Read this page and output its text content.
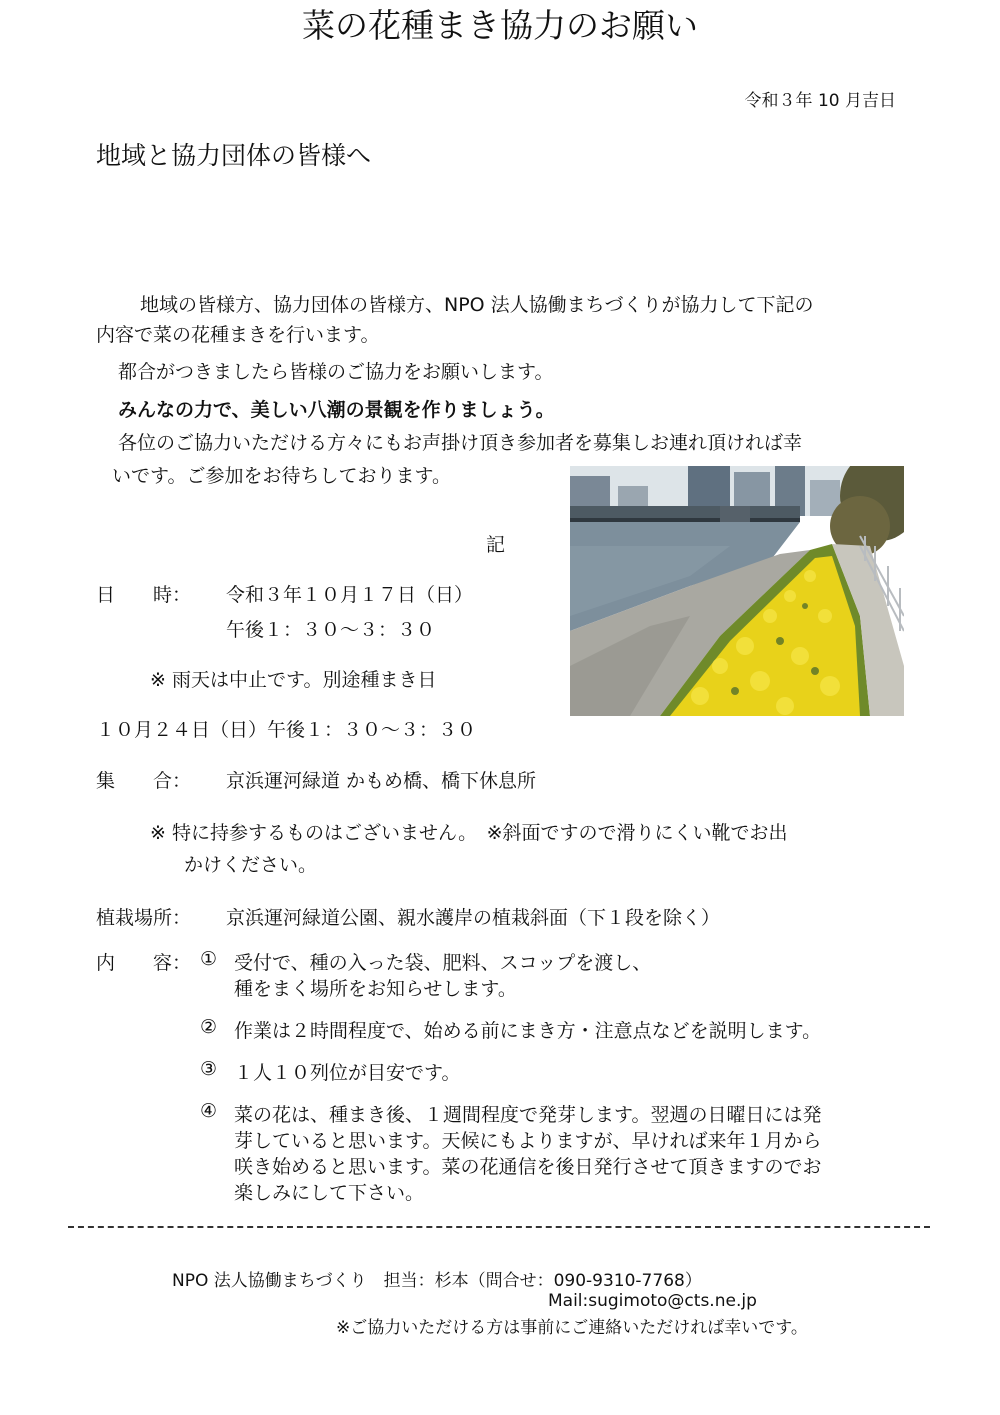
令和３年 10 月吉日
地域と協力団体の皆様へ
菜の花種まき協力のお願い
地域の皆様方、協力団体の皆様方、NPO 法人協働まちづくりが協力して下記の
内容で菜の花種まきを行います。
都合がつきましたら皆様のご協力をお願いします。
みんなの力で、美しい八潮の景観を作りましょう。
各位のご協力いただける方々にもお声掛け頂き参加者を募集しお連れ頂ければ幸
いです。ご参加をお待ちしております。
記
日　　時： 令和３年１０月１７日（日）
午後１：３０〜３：３０
※ 雨天は中止です。別途種まき日
１０月２４日（日）午後１：３０〜３：３０
集　　合： 京浜運河緑道 かもめ橋、橋下休息所
※ 特に持参するものはございません。　※斜面ですので滑りにくい靴でお出
かけください。
植栽場所： 京浜運河緑道公園、親水護岸の植栽斜面（下１段を除く）
内　　容： ① 受付で、種の入った袋、肥料、スコップを渡し、
種をまく場所をお知らせします。
② 作業は２時間程度で、始める前にまき方・注意点などを説明します。
③ １人１０列位が目安です。
④ 菜の花は、種まき後、１週間程度で発芽します。翌週の日曜日には発
芽していると思います。天候にもよりますが、早ければ来年１月から
咲き始めると思います。菜の花通信を後日発行させて頂きますのでお
楽しみにして下さい。
NPO 法人協働まちづくり　担当：杉本（問合せ：090-9310-7768）
Mail:sugimoto@cts.ne.jp
※ご協力いただける方は事前にご連絡いただければ幸いです。
